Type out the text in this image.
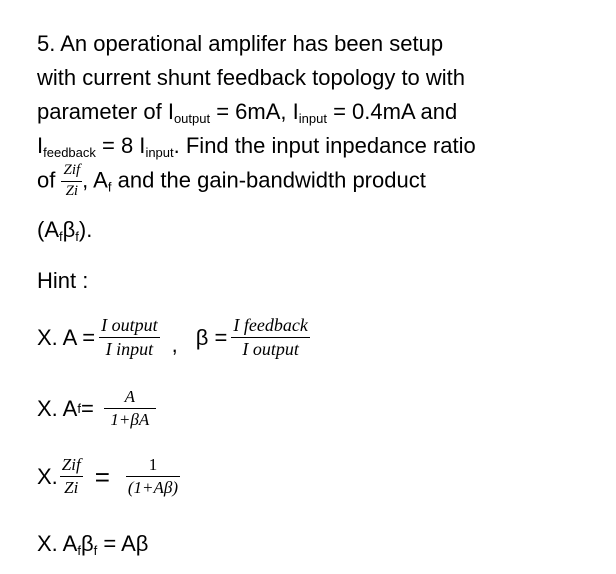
5. An operational amplifer has been setup
with current shunt feedback topology to with
parameter of $I_{output} = 6mA$, $I_{input} = 0.4mA$ and
$I_{feedback} = 8$ $I_{input}$. Find the input inpedance ratio
of $\frac{\text{Zif}}{Zi}$ , $A_f$ and the gain-bandwidth product
$(A_f\beta_f)$.
Hint :
X. $A = \frac{\text{I output}}{\text{I input}}$ , $\beta = \frac{\text{I feedback}}{\text{I output}}$
X. A $f = \frac{A}{1+\beta A}$
X. $\frac{\text{Zif}}{Zi} = \frac{1}{(1+A\beta)}$
X. $A_f\beta_f = A\beta$
